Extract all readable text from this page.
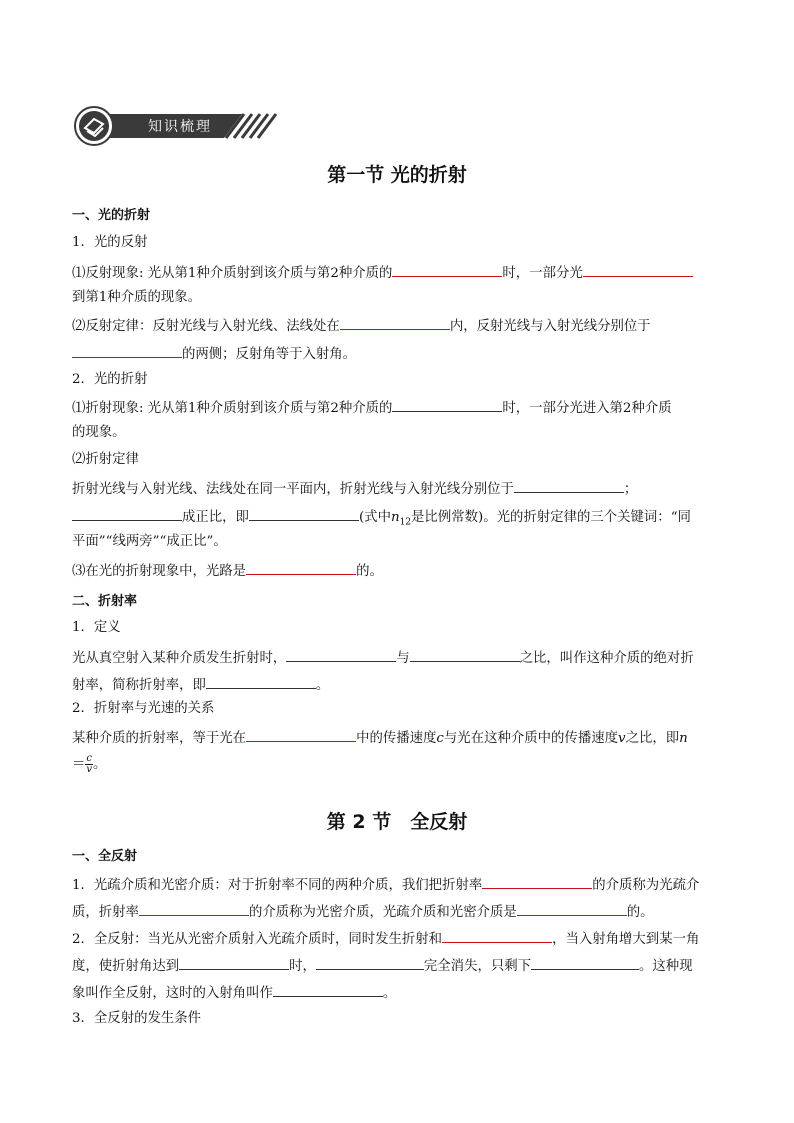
知识梳理
第一节 光的折射
一、光的折射
1．光的反射
⑴反射现象: 光从第1种介质射到该介质与第2种介质的	时，一部分光
到第1种介质的现象。
⑵反射定律：反射光线与入射光线、法线处在	内，反射光线与入射光线分别位于
的两侧；反射角等于入射角。
2．光的折射
⑴折射现象: 光从第1种介质射到该介质与第2种介质的	时，一部分光进入第2种介质
的现象。
⑵折射定律
折射光线与入射光线、法线处在同一平面内，折射光线与入射光线分别位于	；
成正比，即	(式中$n_{12}$是比例常数)。光的折射定律的三个关键词：“同
平面”“线两旁”“成正比”。
⑶在光的折射现象中，光路是	的。
二、折射率
1．定义
光从真空射入某种介质发生折射时，	与	之比，叫作这种介质的绝对折
射率，简称折射率，即	。
2．折射率与光速的关系
某种介质的折射率，等于光在	中的传播速度c与光在这种介质中的传播速度v之比，即n
＝ $\frac{c}{v}$ 。
第 2 节　全反射
一、全反射
1．光疏介质和光密介质：对于折射率不同的两种介质，我们把折射率	的介质称为光疏介
质，折射率	的介质称为光密介质，光疏介质和光密介质是	的。
2．全反射：当光从光密介质射入光疏介质时，同时发生折射和	，当入射角增大到某一角
度，使折射角达到	时，	完全消失，只剩下	。这种现
象叫作全反射，这时的入射角叫作	。
3．全反射的发生条件
